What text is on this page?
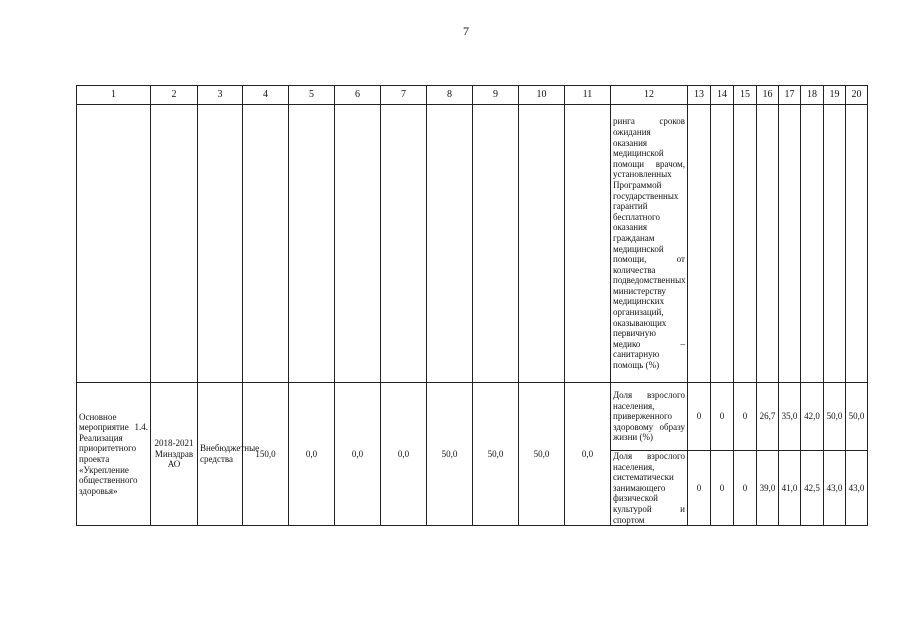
7
1	2	3	4	5	6	7	8	9	10	11	12	13	14	15	16	17	18	19	20
											ринга сроков ожидания оказания медицинской помощи врачом, установленных Программой государственных гарантий бесплатного оказания гражданам медицинской помощи, от количества подведомственных министерству медицинских организаций, оказывающих первичную медико – санитарную помощь (%)								
Основное мероприятие 1.4. Реализация приоритетного проекта «Укрепление общественного здоровья»	2018-2021 Минздрав АО	Внебюджетные средства	150,0	0,0	0,0	0,0	50,0	50,0	50,0	0,0	Доля взрослого населения, приверженного здоровому образу жизни (%)	0	0	0	26,7	35,0	42,0	50,0	50,0
											Доля взрослого населения, систематически занимающего физической культурой и спортом	0	0	0	39,0	41,0	42,5	43,0	43,0
